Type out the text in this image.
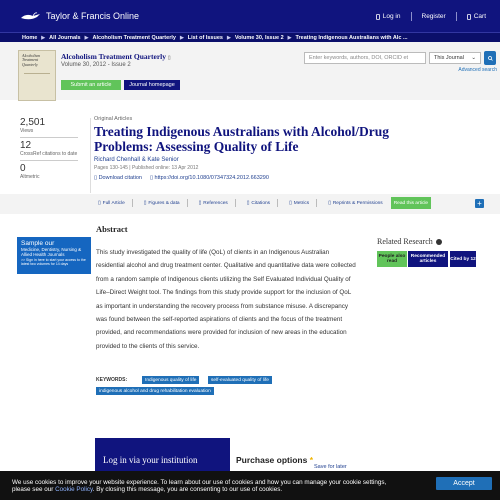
Taylor & Francis Online	Log in	Register	Cart
Home ▶ All Journals ▶ Alcoholism Treatment Quarterly ▶ List of Issues ▶ Volume 30, Issue 2 ▶ Treating Indigenous Australians with Alc ...
Alcoholism Treatment Quarterly
Alcoholism Treatment Quarterly ▯
Volume 30, 2012 - Issue 2
Submit an article	Journal homepage
Enter keywords, authors, DOI, ORCID et	This Journal ⌄
Advanced search
2,501
Views
12
CrossRef citations to date
0
Altmetric
Original Articles
Treating Indigenous Australians with Alcohol/Drug Problems: Assessing Quality of Life
Richard Chenhall & Kate Senior
Pages 130-145 | Published online: 13 Apr 2012
▯ Download citation ▯ https://doi.org/10.1080/07347324.2012.663290
▯ Full Article	▯ Figures & data	▯ References	▯ Citations	▯ Metrics	▯ Reprints & Permissions	Read this article	+
Sample our
Medicine, Dentistry, Nursing & Allied Health Journals
>> Sign in here to start your access to the latest two volumes for 14 days
Abstract
This study investigated the quality of life (QoL) of clients in an Indigenous Australian residential alcohol and drug treatment center. Qualitative and quantitative data were collected from a random sample of Indigenous clients utilizing the Self Evaluated Individual Quality of Life–Direct Weight tool. The findings from this study provide support for the inclusion of QoL as important in understanding the recovery process from substance misuse. A discrepancy was found between the self-reported aspirations of clients and the focus of the treatment provided, and recommendations were provided for inclusion of new areas in the education provided to the clients of this service.
KEYWORDS:	Indigenous quality of life	self-evaluated quality of life
indigenous alcohol and drug rehabilitation evaluation
Related Research
People also read
Recommended articles	Cited by 12
Log in via your institution	Purchase options *
Save for later
We use cookies to improve your website experience. To learn about our use of cookies and how you can manage your cookie settings,
please see our Cookie Policy. By closing this message, you are consenting to our use of cookies.
Accept
